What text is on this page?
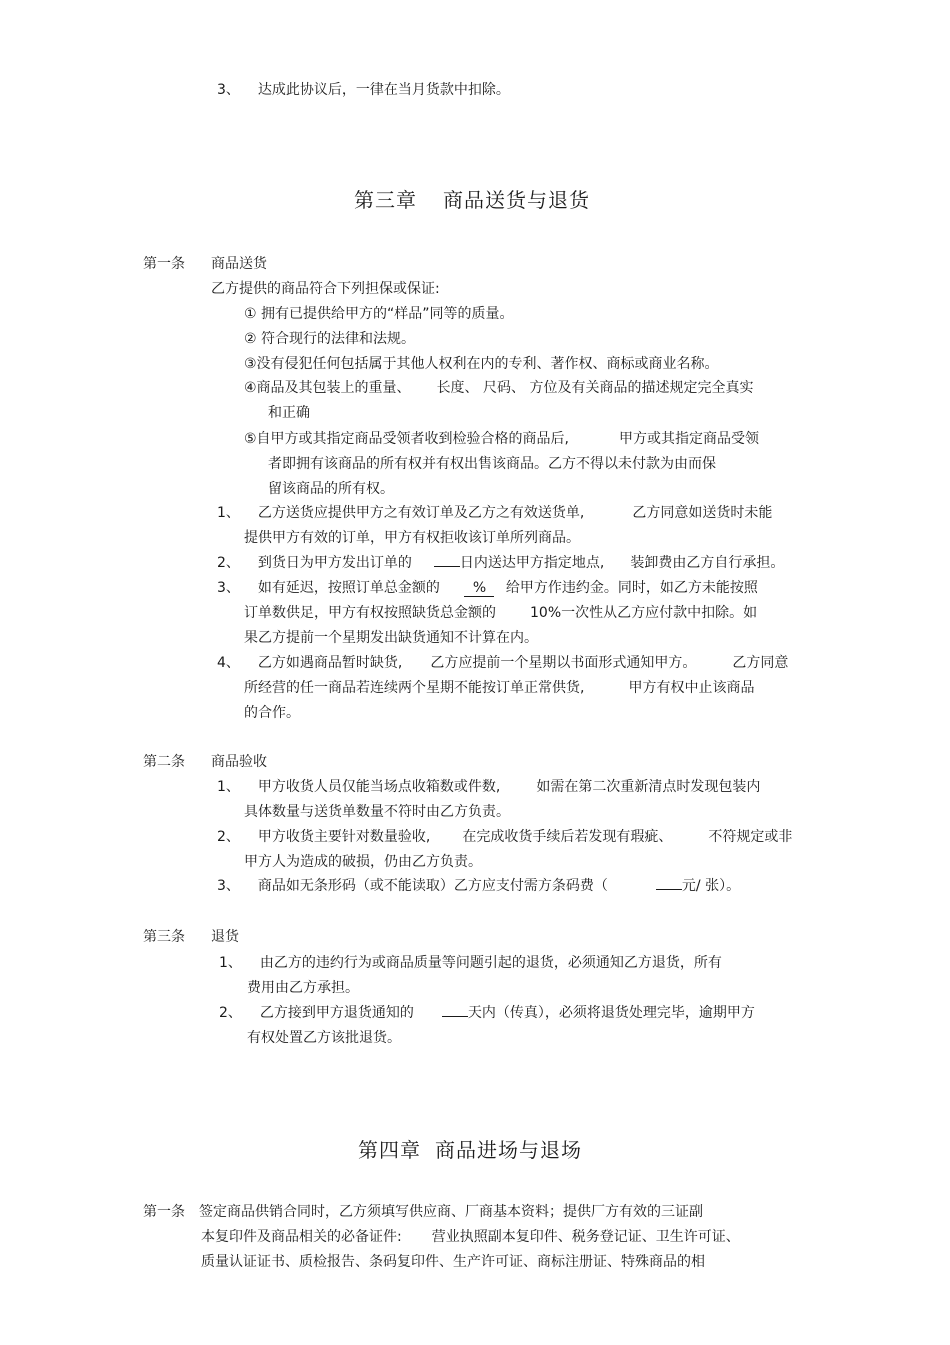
3、 达成此协议后，一律在当月货款中扣除。
第三章 商品送货与退货
第一条 商品送货
乙方提供的商品符合下列担保或保证:
① 拥有已提供给甲方的“样品”同等的质量。
② 符合现行的法律和法规。
③没有侵犯任何包括属于其他人权利在内的专利、著作权、商标或商业名称。
④商品及其包装上的重量、 长度、 尺码、 方位及有关商品的描述规定完全真实
和正确
⑤自甲方或其指定商品受领者收到检验合格的商品后,	甲方或其指定商品受领
者即拥有该商品的所有权并有权出售该商品。乙方不得以未付款为由而保
留该商品的所有权。
1、 乙方送货应提供甲方之有效订单及乙方之有效送货单,	乙方同意如送货时未能
提供甲方有效的订单，甲方有权拒收该订单所列商品。
2、 到货日为甲方发出订单的	日内送达甲方指定地点, 装卸费由乙方自行承担。
3、 如有延迟，按照订单总金额的  %  给甲方作违约金。同时，如乙方未能按照
订单数供足，甲方有权按照缺货总金额的 10%一次性从乙方应付款中扣除。如
果乙方提前一个星期发出缺货通知不计算在内。
4、 乙方如遇商品暂时缺货, 乙方应提前一个星期以书面形式通知甲方。	乙方同意
所经营的任一商品若连续两个星期不能按订单正常供货,	甲方有权中止该商品
的合作。
第二条 商品验收
1、 甲方收货人员仅能当场点收箱数或件数,	如需在第二次重新清点时发现包装内
具体数量与送货单数量不符时由乙方负责。
2、 甲方收货主要针对数量验收, 在完成收货手续后若发现有瑕疵、	不符规定或非
甲方人为造成的破损，仍由乙方负责。
3、 商品如无条形码（或不能读取）乙方应支付需方条码费（	元/ 张）。
第三条 退货
1、 由乙方的违约行为或商品质量等问题引起的退货，必须通知乙方退货，所有
费用由乙方承担。
2、 乙方接到甲方退货通知的	天内（传真），必须将退货处理完毕，逾期甲方
有权处置乙方该批退货。
第四章 商品进场与退场
第一条 签定商品供销合同时，乙方须填写供应商、厂商基本资料；提供厂方有效的三证副
本复印件及商品相关的必备证件: 营业执照副本复印件、税务登记证、卫生许可证、
质量认证证书、质检报告、条码复印件、生产许可证、商标注册证、特殊商品的相
